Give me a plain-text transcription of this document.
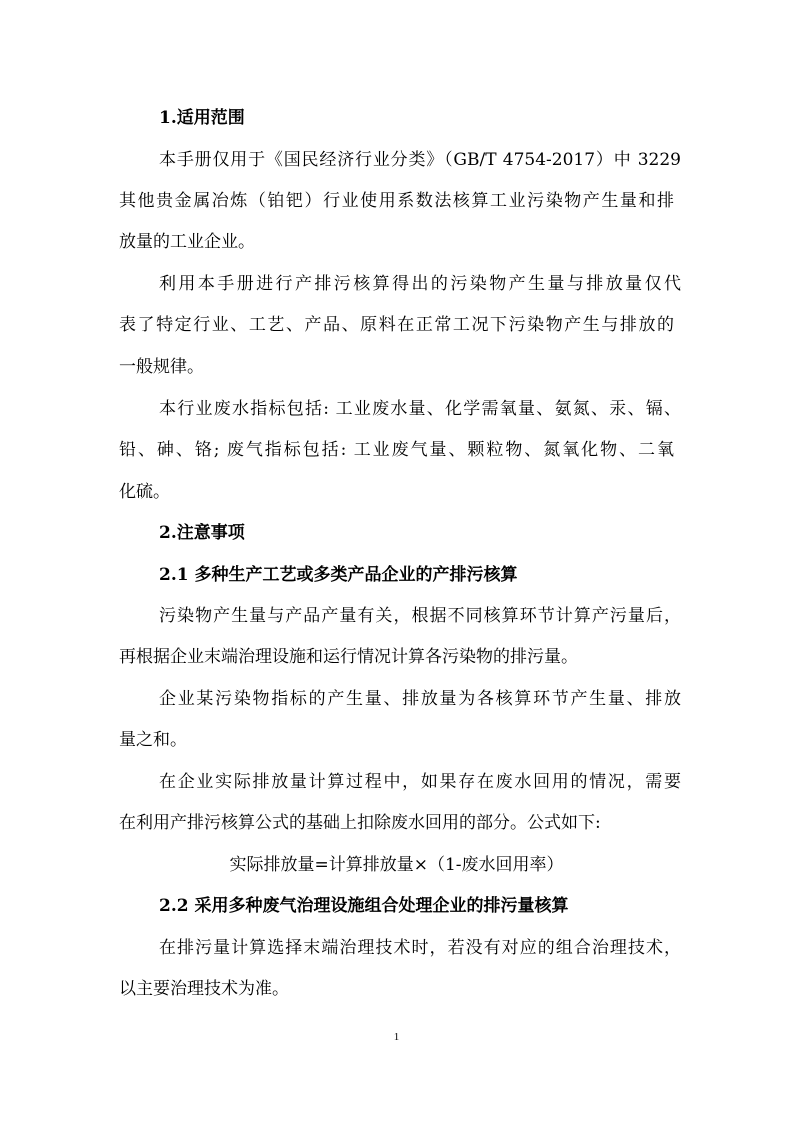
1.适用范围

本手册仅用于《国民经济行业分类》（GB/T 4754-2017）中 3229

其他贵金属冶炼（铂钯）行业使用系数法核算工业污染物产生量和排

放量的工业企业。

利用本手册进行产排污核算得出的污染物产生量与排放量仅代

表了特定行业、工艺、产品、原料在正常工况下污染物产生与排放的

一般规律。

本行业废水指标包括: 工业废水量、化学需氧量、氨氮、汞、镉、

铅、砷、铬; 废气指标包括: 工业废气量、颗粒物、氮氧化物、二氧

化硫。

2.注意事项

2.1 多种生产工艺或多类产品企业的产排污核算

污染物产生量与产品产量有关，根据不同核算环节计算产污量后，

再根据企业末端治理设施和运行情况计算各污染物的排污量。

企业某污染物指标的产生量、排放量为各核算环节产生量、排放

量之和。

在企业实际排放量计算过程中，如果存在废水回用的情况，需要

在利用产排污核算公式的基础上扣除废水回用的部分。公式如下:

实际排放量=计算排放量×（1-废水回用率）

2.2 采用多种废气治理设施组合处理企业的排污量核算

在排污量计算选择末端治理技术时，若没有对应的组合治理技术，

以主要治理技术为准。

1
